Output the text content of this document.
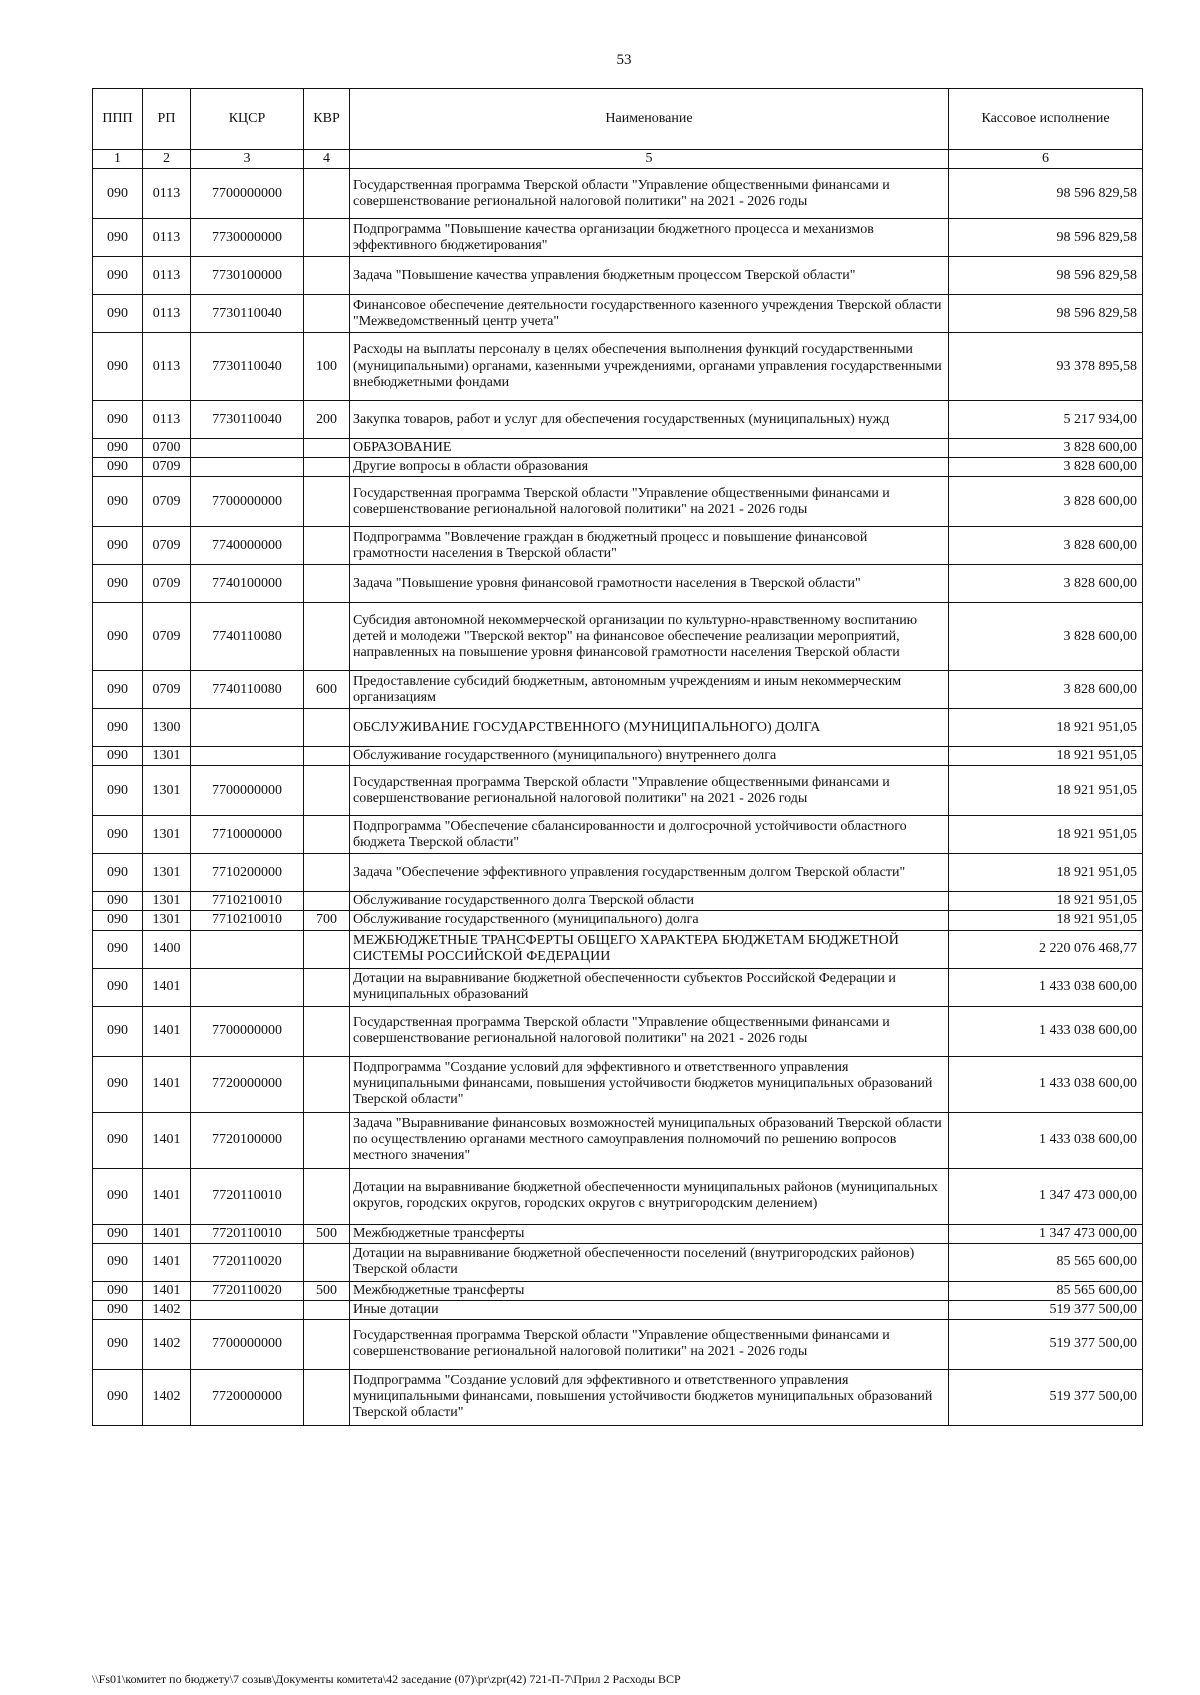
53
ППП	РП	КЦСР	КВР	Наименование	Кассовое исполнение
1	2	3	4	5	6
090	0113	7700000000		Государственная программа Тверской области "Управление общественными финансами и совершенствование региональной налоговой политики" на 2021 - 2026 годы	98 596 829,58
090	0113	7730000000		Подпрограмма "Повышение качества организации бюджетного процесса и механизмов эффективного бюджетирования"	98 596 829,58
090	0113	7730100000		Задача "Повышение качества управления бюджетным процессом Тверской области"	98 596 829,58
090	0113	7730110040		Финансовое обеспечение деятельности государственного казенного учреждения Тверской области "Межведомственный центр учета"	98 596 829,58
090	0113	7730110040	100	Расходы на выплаты персоналу в целях обеспечения выполнения функций государственными (муниципальными) органами, казенными учреждениями, органами управления государственными внебюджетными фондами	93 378 895,58
090	0113	7730110040	200	Закупка товаров, работ и услуг для обеспечения государственных (муниципальных) нужд	5 217 934,00
090	0700			ОБРАЗОВАНИЕ	3 828 600,00
090	0709			Другие вопросы в области образования	3 828 600,00
090	0709	7700000000		Государственная программа Тверской области "Управление общественными финансами и совершенствование региональной налоговой политики" на 2021 - 2026 годы	3 828 600,00
090	0709	7740000000		Подпрограмма "Вовлечение граждан в бюджетный процесс и повышение финансовой грамотности населения в Тверской области"	3 828 600,00
090	0709	7740100000		Задача "Повышение уровня финансовой грамотности населения в Тверской области"	3 828 600,00
090	0709	7740110080		Субсидия автономной некоммерческой организации по культурно-нравственному воспитанию детей и молодежи "Тверской вектор" на финансовое обеспечение реализации мероприятий, направленных на повышение уровня финансовой грамотности населения Тверской области	3 828 600,00
090	0709	7740110080	600	Предоставление субсидий бюджетным, автономным учреждениям и иным некоммерческим организациям	3 828 600,00
090	1300			ОБСЛУЖИВАНИЕ ГОСУДАРСТВЕННОГО (МУНИЦИПАЛЬНОГО) ДОЛГА	18 921 951,05
090	1301			Обслуживание государственного (муниципального) внутреннего долга	18 921 951,05
090	1301	7700000000		Государственная программа Тверской области "Управление общественными финансами и совершенствование региональной налоговой политики" на 2021 - 2026 годы	18 921 951,05
090	1301	7710000000		Подпрограмма "Обеспечение сбалансированности и долгосрочной устойчивости областного бюджета Тверской области"	18 921 951,05
090	1301	7710200000		Задача "Обеспечение эффективного управления государственным долгом Тверской области"	18 921 951,05
090	1301	7710210010		Обслуживание государственного долга Тверской области	18 921 951,05
090	1301	7710210010	700	Обслуживание государственного (муниципального) долга	18 921 951,05
090	1400			МЕЖБЮДЖЕТНЫЕ ТРАНСФЕРТЫ ОБЩЕГО ХАРАКТЕРА БЮДЖЕТАМ БЮДЖЕТНОЙ СИСТЕМЫ РОССИЙСКОЙ ФЕДЕРАЦИИ	2 220 076 468,77
090	1401			Дотации на выравнивание бюджетной обеспеченности субъектов Российской Федерации и муниципальных образований	1 433 038 600,00
090	1401	7700000000		Государственная программа Тверской области "Управление общественными финансами и совершенствование региональной налоговой политики" на 2021 - 2026 годы	1 433 038 600,00
090	1401	7720000000		Подпрограмма "Создание условий для эффективного и ответственного управления муниципальными финансами, повышения устойчивости бюджетов муниципальных образований Тверской области"	1 433 038 600,00
090	1401	7720100000		Задача "Выравнивание финансовых возможностей муниципальных образований Тверской области по осуществлению органами местного самоуправления полномочий по решению вопросов местного значения"	1 433 038 600,00
090	1401	7720110010		Дотации на выравнивание бюджетной обеспеченности муниципальных районов (муниципальных округов, городских округов, городских округов с внутригородским делением)	1 347 473 000,00
090	1401	7720110010	500	Межбюджетные трансферты	1 347 473 000,00
090	1401	7720110020		Дотации на выравнивание бюджетной обеспеченности поселений (внутригородских районов) Тверской области	85 565 600,00
090	1401	7720110020	500	Межбюджетные трансферты	85 565 600,00
090	1402			Иные дотации	519 377 500,00
090	1402	7700000000		Государственная программа Тверской области "Управление общественными финансами и совершенствование региональной налоговой политики" на 2021 - 2026 годы	519 377 500,00
090	1402	7720000000		Подпрограмма "Создание условий для эффективного и ответственного управления муниципальными финансами, повышения устойчивости бюджетов муниципальных образований Тверской области"	519 377 500,00
\\Fs01\комитет по бюджету\7 созыв\Документы комитета\42 заседание (07)\pr\zpr(42) 721-П-7\Прил 2 Расходы ВСР
